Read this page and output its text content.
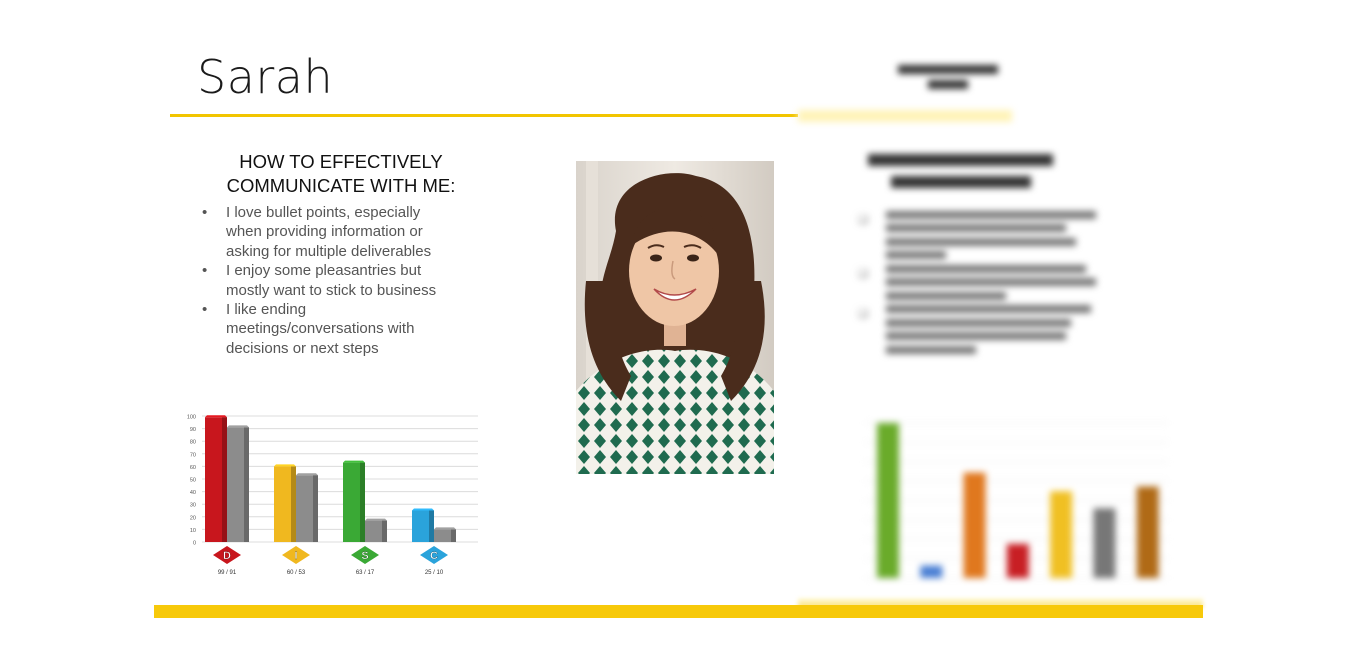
Sarah
HOW TO EFFECTIVELY COMMUNICATE WITH ME:
• I love bullet points, especially when providing information or asking for multiple deliverables
• I enjoy some pleasantries but mostly want to stick to business
• I like ending meetings/conversations with decisions or next steps
0
10
20
30
40
50
60
70
80
90
100
D
99 / 91
I
60 / 53
S
63 / 17
C
25 / 10
❑
❑
❑
